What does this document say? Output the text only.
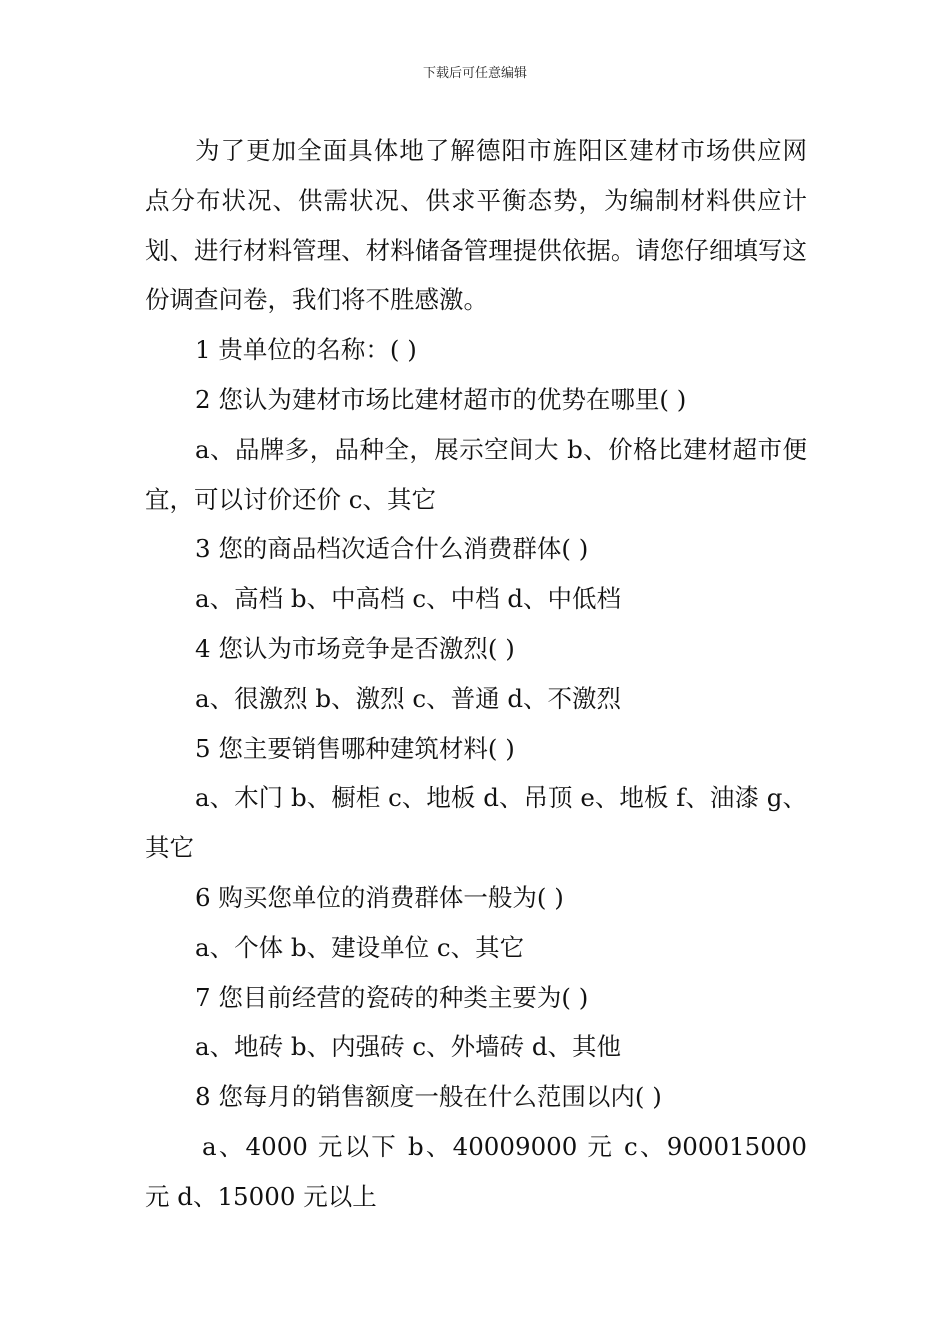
下载后可任意编辑

为了更加全面具体地了解德阳市旌阳区建材市场供应网点分布状况、供需状况、供求平衡态势，为编制材料供应计划、进行材料管理、材料储备管理提供依据。请您仔细填写这份调查问卷，我们将不胜感激。

1 贵单位的名称：( )

2 您认为建材市场比建材超市的优势在哪里( )

a、品牌多，品种全，展示空间大 b、价格比建材超市便宜，可以讨价还价 c、其它

3 您的商品档次适合什么消费群体( )

a、高档 b、中高档 c、中档 d、中低档

4 您认为市场竞争是否激烈( )

a、很激烈 b、激烈 c、普通 d、不激烈

5 您主要销售哪种建筑材料( )

a、木门 b、橱柜 c、地板 d、吊顶 e、地板 f、油漆 g、其它

6 购买您单位的消费群体一般为( )

a、个体 b、建设单位 c、其它

7 您目前经营的瓷砖的种类主要为( )

a、地砖 b、内强砖 c、外墙砖 d、其他

8 您每月的销售额度一般在什么范围以内( )

a、4000 元以下 b、40009000 元 c、900015000 元 d、15000 元以上
